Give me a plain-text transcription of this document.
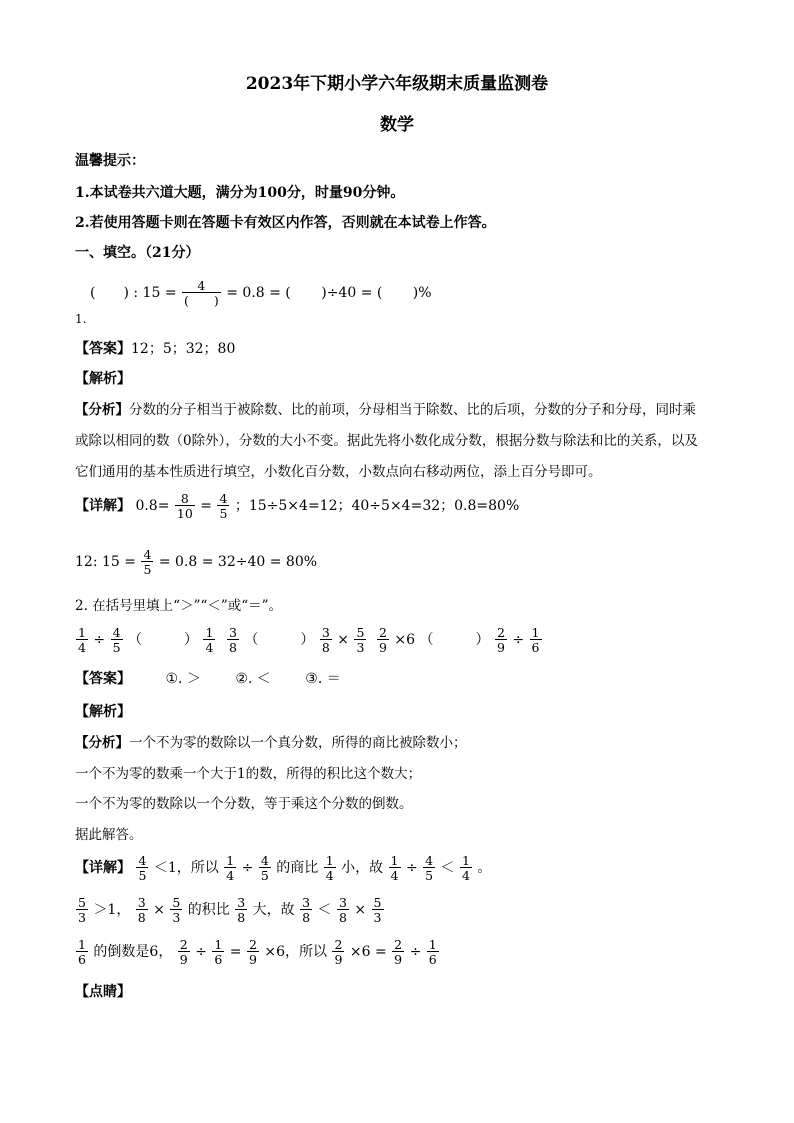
2023年下期小学六年级期末质量监测卷
数学
温馨提示：
1.本试卷共六道大题，满分为100分，时量90分钟。
2.若使用答题卡则在答题卡有效区内作答，否则就在本试卷上作答。
一、填空。（21分）
(　　) : 15 = 4
(　　) = 0.8 = ( )÷40 = ( )%
1.
【答案】12；5；32；80
【解析】
【分析】分数的分子相当于被除数、比的前项，分母相当于除数、比的后项，分数的分子和分母，同时乘
或除以相同的数（0除外），分数的大小不变。据此先将小数化成分数，根据分数与除法和比的关系，以及
它们通用的基本性质进行填空，小数化百分数，小数点向右移动两位，添上百分号即可。
【详解】 $0.8= \frac{8}{10} = \frac{4}{5}$ ；15÷5×4=12；40÷5×4=32；0.8=80%
12: $15 = \frac{4}{5} = 0.8 = 32\div 40 = 80\%$
2. 在括号里填上“＞”“＜”或“＝”。
$\frac{1}{4} \div \frac{4}{5}$ （　　　） $\frac{1}{4} \frac{3}{8}$ （　　　） $\frac{3}{8} \times \frac{5}{3} \frac{2}{9} \times 6$ （　　　） $\frac{2}{9} \div \frac{1}{6}$
【答案】 ①. ＞ ②. ＜ ③. ＝
【解析】
【分析】一个不为零的数除以一个真分数，所得的商比被除数小；
一个不为零的数乘一个大于1的数，所得的积比这个数大；
一个不为零的数除以一个分数，等于乘这个分数的倒数。
据此解答。
【详解】 $\frac{4}{5} <1$，所以 $\frac{1}{4} \div \frac{4}{5}$ 的商比 $\frac{1}{4}$ 小，故 $\frac{1}{4} \div \frac{4}{5} < \frac{1}{4}$ 。
$\frac{5}{3} >1$， $\frac{3}{8} \times \frac{5}{3}$ 的积比 $\frac{3}{8}$ 大，故 $\frac{3}{8} < \frac{3}{8} \times \frac{5}{3}$
$\frac{1}{6}$ 的倒数是6， $\frac{2}{9} \div \frac{1}{6} = \frac{2}{9} \times 6$，所以 $\frac{2}{9} \times 6 = \frac{2}{9} \div \frac{1}{6}$
【点睛】
